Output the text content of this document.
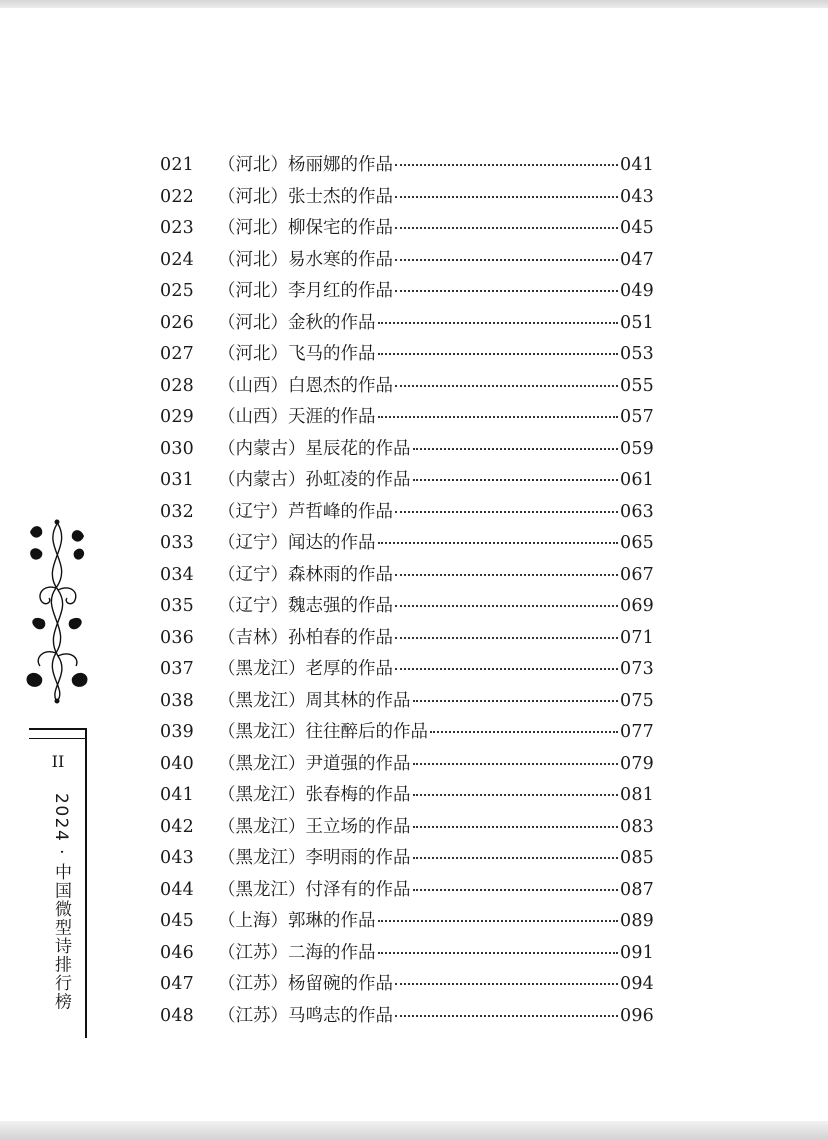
021	（河北）杨丽娜的作品	041
022	（河北）张士杰的作品	043
023	（河北）柳保宅的作品	045
024	（河北）易水寒的作品	047
025	（河北）李月红的作品	049
026	（河北）金秋的作品	051
027	（河北）飞马的作品	053
028	（山西）白恩杰的作品	055
029	（山西）天涯的作品	057
030	（内蒙古）星辰花的作品	059
031	（内蒙古）孙虹凌的作品	061
032	（辽宁）芦哲峰的作品	063
033	（辽宁）闻达的作品	065
034	（辽宁）森林雨的作品	067
035	（辽宁）魏志强的作品	069
036	（吉林）孙柏春的作品	071
037	（黑龙江）老厚的作品	073
038	（黑龙江）周其林的作品	075
039	（黑龙江）往往醉后的作品	077
040	（黑龙江）尹道强的作品	079
041	（黑龙江）张春梅的作品	081
042	（黑龙江）王立场的作品	083
043	（黑龙江）李明雨的作品	085
044	（黑龙江）付泽有的作品	087
045	（上海）郭琳的作品	089
046	（江苏）二海的作品	091
047	（江苏）杨留碗的作品	094
048	（江苏）马鸣志的作品	096
II
2024 · 中国微型诗排行榜
